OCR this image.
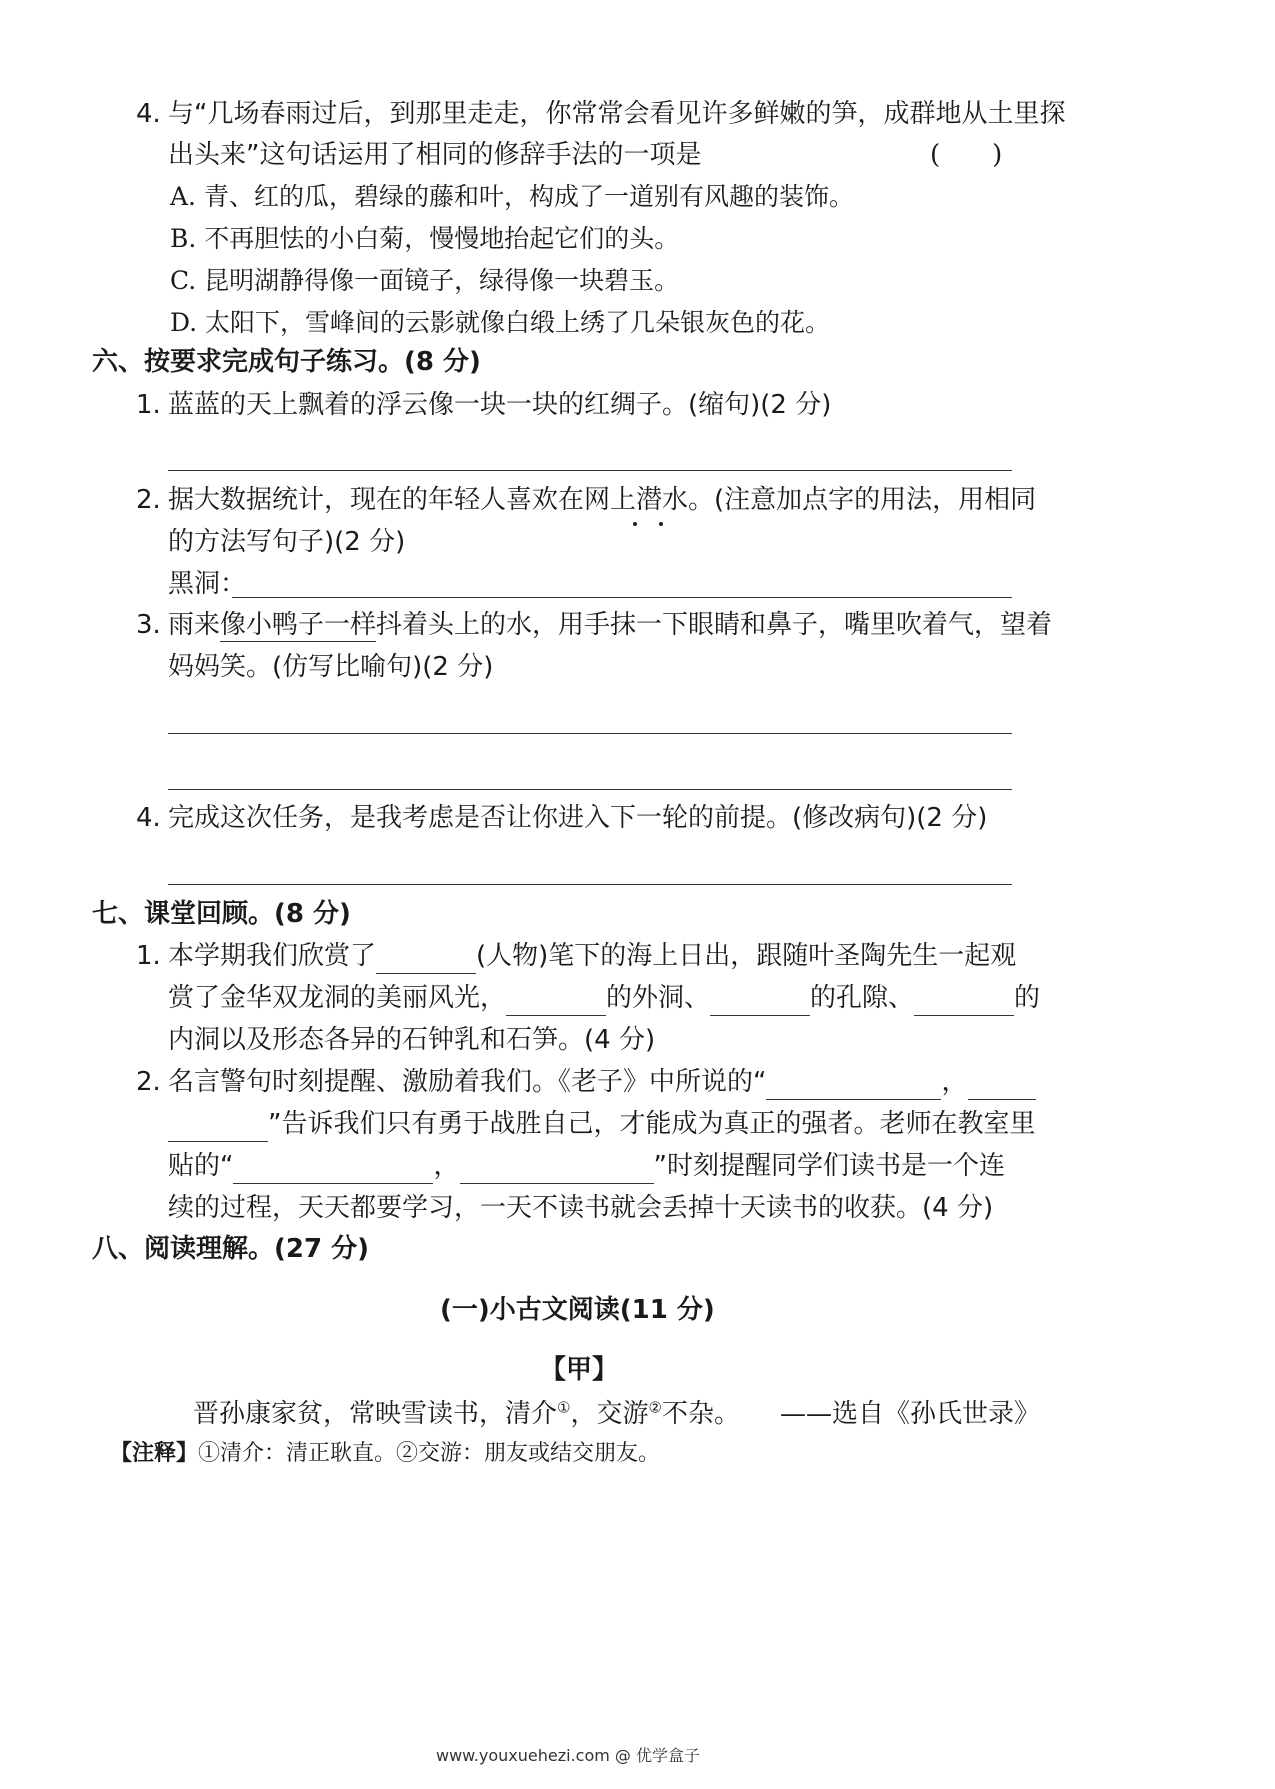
4. 与“几场春雨过后，到那里走走，你常常会看见许多鲜嫩的笋，成群地从土里探
出头来”这句话运用了相同的修辞手法的一项是	(　　)
A. 青、红的瓜，碧绿的藤和叶，构成了一道别有风趣的装饰。
B. 不再胆怯的小白菊，慢慢地抬起它们的头。
C. 昆明湖静得像一面镜子，绿得像一块碧玉。
D. 太阳下，雪峰间的云影就像白缎上绣了几朵银灰色的花。
六、按要求完成句子练习。(8 分)
1. 蓝蓝的天上飘着的浮云像一块一块的红绸子。(缩句)(2 分)
2. 据大数据统计，现在的年轻人喜欢在网上潜水。(注意加点字的用法，用相同
的方法写句子)(2 分)
黑洞：
3. 雨来像小鸭子一样抖着头上的水，用手抹一下眼睛和鼻子，嘴里吹着气，望着
妈妈笑。(仿写比喻句)(2 分)
4. 完成这次任务，是我考虑是否让你进入下一轮的前提。(修改病句)(2 分)
七、课堂回顾。(8 分)
1. 本学期我们欣赏了	(人物)笔下的海上日出，跟随叶圣陶先生一起观
赏了金华双龙洞的美丽风光，	的外洞、	的孔隙、	的
内洞以及形态各异的石钟乳和石笋。(4 分)
2. 名言警句时刻提醒、激励着我们。《老子》中所说的“	，
”告诉我们只有勇于战胜自己，才能成为真正的强者。老师在教室里
贴的“	，	”时刻提醒同学们读书是一个连
续的过程，天天都要学习，一天不读书就会丢掉十天读书的收获。(4 分)
八、阅读理解。(27 分)
(一)小古文阅读(11 分)
【甲】
晋孙康家贫，常映雪读书，清介①，交游②不杂。 ——选自《孙氏世录》
【注释】①清介：清正耿直。②交游：朋友或结交朋友。
www.youxuehezi.com @ 优学盒子
